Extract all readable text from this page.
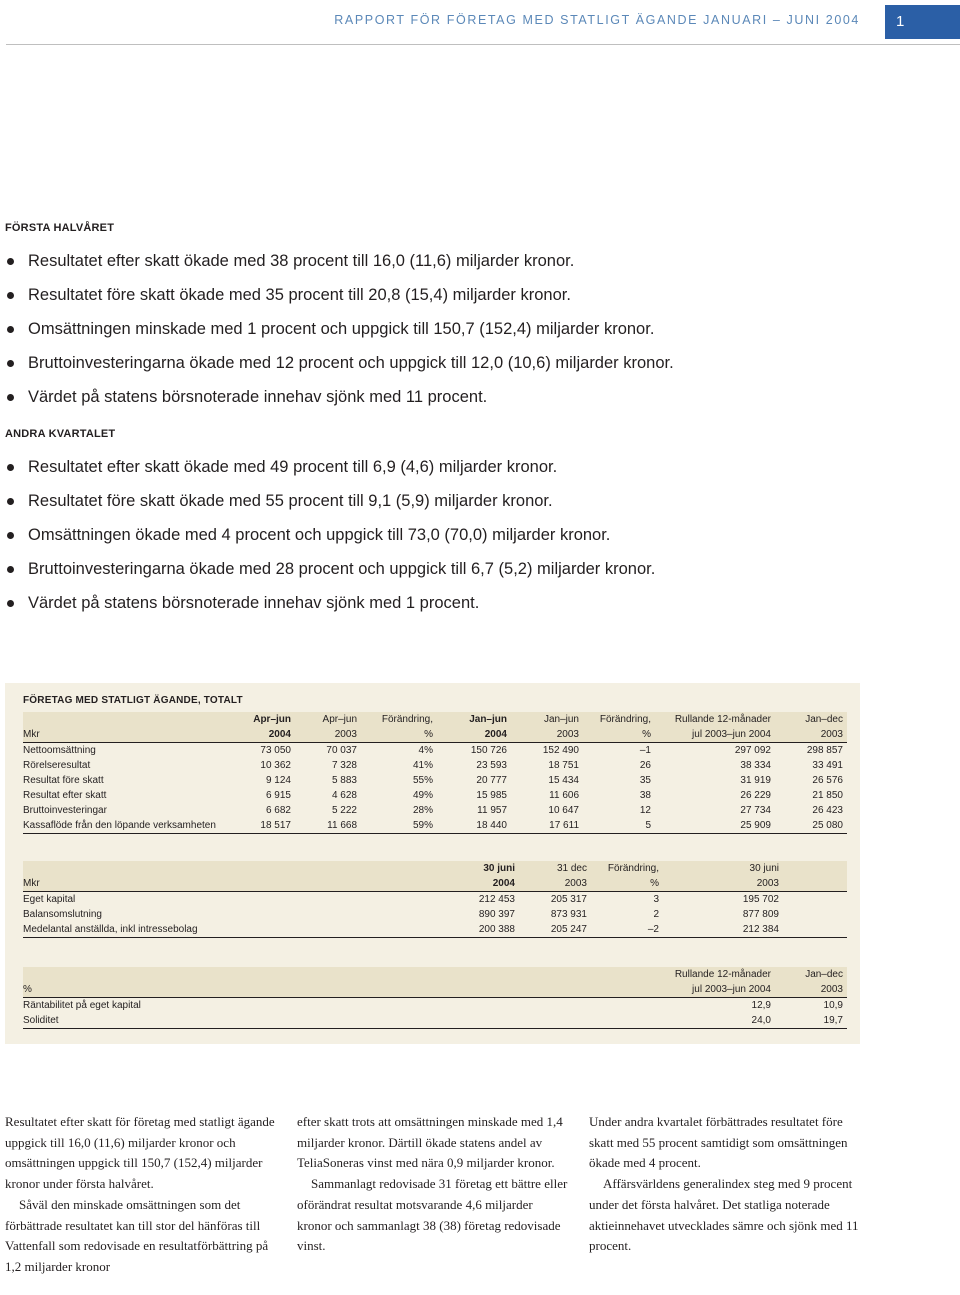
RAPPORT FÖR FÖRETAG MED STATLIGT ÄGANDE JANUARI – JUNI 2004	1
FÖRSTA HALVÅRET
Resultatet efter skatt ökade med 38 procent till 16,0 (11,6) miljarder kronor.
Resultatet före skatt ökade med 35 procent till 20,8 (15,4) miljarder kronor.
Omsättningen minskade med 1 procent och uppgick till 150,7 (152,4) miljarder kronor.
Bruttoinvesteringarna ökade med 12 procent och uppgick till 12,0 (10,6) miljarder kronor.
Värdet på statens börsnoterade innehav sjönk med 11 procent.
ANDRA KVARTALET
Resultatet efter skatt ökade med 49 procent till 6,9 (4,6) miljarder kronor.
Resultatet före skatt ökade med 55 procent till 9,1 (5,9) miljarder kronor.
Omsättningen ökade med 4 procent och uppgick till 73,0 (70,0) miljarder kronor.
Bruttoinvesteringarna ökade med 28 procent och uppgick till 6,7 (5,2) miljarder kronor.
Värdet på statens börsnoterade innehav sjönk med 1 procent.
FÖRETAG MED STATLIGT ÄGANDE, TOTALT
	Apr–jun	Apr–jun	Förändring,	Jan–jun	Jan–jun	Förändring,	Rullande 12-månader	Jan–dec
Mkr	2004	2003	%	2004	2003	%	jul 2003–jun 2004	2003
Nettoomsättning	73 050	70 037	4%	150 726	152 490	–1	297 092	298 857
Rörelseresultat	10 362	7 328	41%	23 593	18 751	26	38 334	33 491
Resultat före skatt	9 124	5 883	55%	20 777	15 434	35	31 919	26 576
Resultat efter skatt	6 915	4 628	49%	15 985	11 606	38	26 229	21 850
Bruttoinvesteringar	6 682	5 222	28%	11 957	10 647	12	27 734	26 423
Kassaflöde från den löpande verksamheten	18 517	11 668	59%	18 440	17 611	5	25 909	25 080
	30 juni	31 dec	Förändring,	30 juni	
Mkr	2004	2003	%	2003	
Eget kapital	212 453	205 317	3	195 702	
Balansomslutning	890 397	873 931	2	877 809	
Medelantal anställda, inkl intressebolag	200 388	205 247	–2	212 384	
	Rullande 12-månader	Jan–dec
%	jul 2003–jun 2004	2003
Räntabilitet på eget kapital	12,9	10,9
Soliditet	24,0	19,7

Resultatet efter skatt för företag med statligt ägande uppgick till 16,0 (11,6) miljarder kronor och omsättningen uppgick till 150,7 (152,4) miljarder kronor under första halvåret.

Såväl den minskade omsättningen som det förbättrade resultatet kan till stor del hänföras till Vattenfall som redovisade en resultatförbättring på 1,2 miljarder kronor

efter skatt trots att omsättningen minskade med 1,4 miljarder kronor. Därtill ökade statens andel av TeliaSoneras vinst med nära 0,9 miljarder kronor.

Sammanlagt redovisade 31 företag ett bättre eller oförändrat resultat motsvarande 4,6 miljarder kronor och sammanlagt 38 (38) företag redovisade vinst.

Under andra kvartalet förbättrades resultatet före skatt med 55 procent samtidigt som omsättningen ökade med 4 procent.

Affärsvärldens generalindex steg med 9 procent under det första halvåret. Det statliga noterade aktieinnehavet utvecklades sämre och sjönk med 11 procent.
